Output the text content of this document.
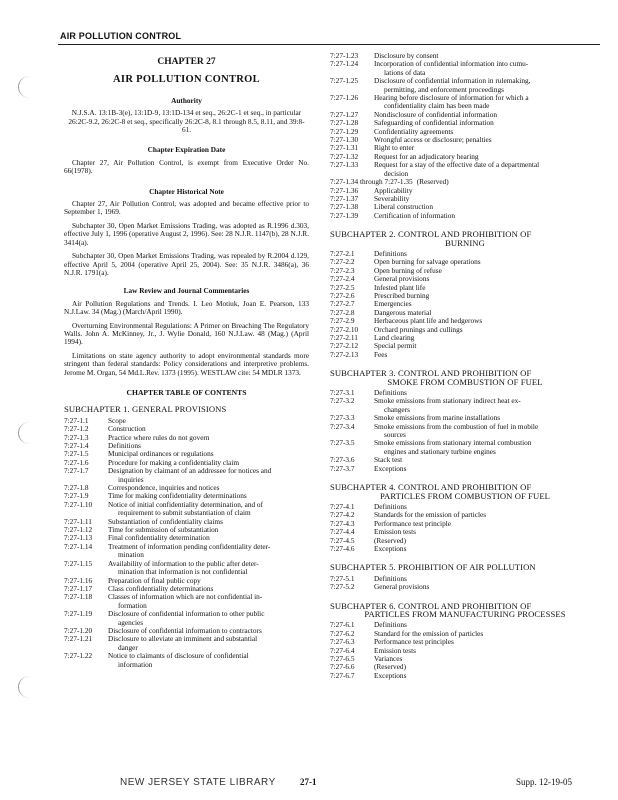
AIR POLLUTION CONTROL
CHAPTER 27
AIR POLLUTION CONTROL
Authority
N.J.S.A. 13:1B-3(e), 13:1D-9, 13:1D-134 et seq., 26:2C-1 et seq., in particular 26:2C-9.2, 26:2C-8 et seq., specifically 26:2C-8, 8.1 through 8.5, 8.11, and 39:8-61.
Chapter Expiration Date
Chapter 27, Air Pollution Control, is exempt from Executive Order No. 66(1978).
Chapter Historical Note
Chapter 27, Air Pollution Control, was adopted and became effective prior to September 1, 1969.
Subchapter 30, Open Market Emissions Trading, was adopted as R.1996 d.303, effective July 1, 1996 (operative August 2, 1996). See: 28 N.J.R. 1147(b), 28 N.J.R. 3414(a).
Subchapter 30, Open Market Emissions Trading, was repealed by R.2004 d.129, effective April 5, 2004 (operative April 25, 2004). See: 35 N.J.R. 3486(a), 36 N.J.R. 1791(a).
Law Review and Journal Commentaries
Air Pollution Regulations and Trends. I. Leo Motiuk, Joan E. Pearson, 133 N.J.Law. 34 (Mag.) (March/April 1990).
Overturning Environmental Regulations: A Primer on Breaching The Regulatory Walls. John A. McKinney, Jr., J. Wylie Donald, 160 N.J.Law. 48 (Mag.) (April 1994).
Limitations on state agency authority to adopt environmental standards more stringent than federal standards: Policy considerations and interpretive problems. Jerome M. Organ, 54 Md.L.Rev. 1373 (1995). WESTLAW cite: 54 MDLR 1373.
CHAPTER TABLE OF CONTENTS
SUBCHAPTER 1. GENERAL PROVISIONS
7:27-1.1	Scope
7:27-1.2	Construction
7:27-1.3	Practice where rules do not govern
7:27-1.4	Definitions
7:27-1.5	Municipal ordinances or regulations
7:27-1.6	Procedure for making a confidentiality claim
7:27-1.7	Designation by claimant of an addressee for notices and
inquiries
7:27-1.8	Correspondence, inquiries and notices
7:27-1.9	Time for making confidentiality determinations
7:27-1.10	Notice of initial confidentiality determination, and of
requirement to submit substantiation of claim
7:27-1.11	Substantiation of confidentiality claims
7:27-1.12	Time for submission of substantiation
7:27-1.13	Final confidentiality determination
7:27-1.14	Treatment of information pending confidentiality deter-
mination
7:27-1.15	Availability of information to the public after deter-
mination that information is not confidential
7:27-1.16	Preparation of final public copy
7:27-1.17	Class confidentiality determinations
7:27-1.18	Classes of information which are not confidential in-
formation
7:27-1.19	Disclosure of confidential information to other public
agencies
7:27-1.20	Disclosure of confidential information to contractors
7:27-1.21	Disclosure to alleviate an imminent and substantial
danger
7:27-1.22	Notice to claimants of disclosure of confidential
information
7:27-1.23	Disclosure by consent
7:27-1.24	Incorporation of confidential information into cumu-
lations of data
7:27-1.25	Disclosure of confidential information in rulemaking,
permitting, and enforcement proceedings
7:27-1.26	Hearing before disclosure of information for which a
confidentiality claim has been made
7:27-1.27	Nondisclosure of confidential information
7:27-1.28	Safeguarding of confidential information
7:27-1.29	Confidentiality agreements
7:27-1.30	Wrongful access or disclosure; penalties
7:27-1.31	Right to enter
7:27-1.32	Request for an adjudicatory hearing
7:27-1.33	Request for a stay of the effective date of a departmental
decision
7:27-1.34 through 7:27-1.35 (Reserved)
7:27-1.36	Applicability
7:27-1.37	Severability
7:27-1.38	Liberal construction
7:27-1.39	Certification of information
SUBCHAPTER 2. CONTROL AND PROHIBITION OF
BURNING
7:27-2.1	Definitions
7:27-2.2	Open burning for salvage operations
7:27-2.3	Open burning of refuse
7:27-2.4	General provisions
7:27-2.5	Infested plant life
7:27-2.6	Prescribed burning
7:27-2.7	Emergencies
7:27-2.8	Dangerous material
7:27-2.9	Herbaceous plant life and hedgerows
7:27-2.10	Orchard prunings and cullings
7:27-2.11	Land clearing
7:27-2.12	Special permit
7:27-2.13	Fees
SUBCHAPTER 3. CONTROL AND PROHIBITION OF
SMOKE FROM COMBUSTION OF FUEL
7:27-3.1	Definitions
7:27-3.2	Smoke emissions from stationary indirect heat ex-
changers
7:27-3.3	Smoke emissions from marine installations
7:27-3.4	Smoke emissions from the combustion of fuel in mobile
sources
7:27-3.5	Smoke emissions from stationary internal combustion
engines and stationary turbine engines
7:27-3.6	Stack test
7:27-3.7	Exceptions
SUBCHAPTER 4. CONTROL AND PROHIBITION OF
PARTICLES FROM COMBUSTION OF FUEL
7:27-4.1	Definitions
7:27-4.2	Standards for the emission of particles
7:27-4.3	Performance test principle
7:27-4.4	Emission tests
7:27-4.5	(Reserved)
7:27-4.6	Exceptions
SUBCHAPTER 5. PROHIBITION OF AIR POLLUTION
7:27-5.1	Definitions
7:27-5.2	General provisions
SUBCHAPTER 6. CONTROL AND PROHIBITION OF
PARTICLES FROM MANUFACTURING PROCESSES
7:27-6.1	Definitions
7:27-6.2	Standard for the emission of particles
7:27-6.3	Performance test principles
7:27-6.4	Emission tests
7:27-6.5	Variances
7:27-6.6	(Reserved)
7:27-6.7	Exceptions
NEW JERSEY STATE LIBRARY	27-1	Supp. 12-19-05
